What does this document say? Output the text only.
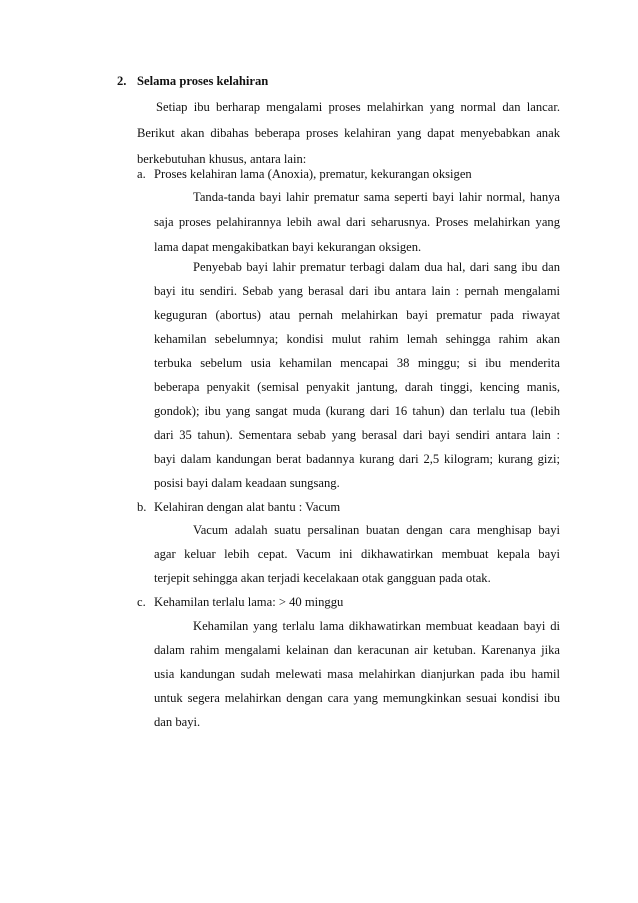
2. Selama proses kelahiran
Setiap ibu berharap mengalami proses melahirkan yang normal dan lancar.
Berikut akan dibahas beberapa proses kelahiran yang dapat menyebabkan anak
berkebutuhan khusus, antara lain:
a. Proses kelahiran lama (Anoxia), prematur, kekurangan oksigen
Tanda-tanda bayi lahir prematur sama seperti bayi lahir normal, hanya
saja proses pelahirannya lebih awal dari seharusnya. Proses melahirkan yang
lama dapat mengakibatkan bayi kekurangan oksigen.
Penyebab bayi lahir prematur terbagi dalam dua hal, dari sang ibu dan
bayi itu sendiri. Sebab yang berasal dari ibu antara lain : pernah mengalami
keguguran (abortus) atau pernah melahirkan bayi prematur pada riwayat
kehamilan sebelumnya; kondisi mulut rahim lemah sehingga rahim akan
terbuka sebelum usia kehamilan mencapai 38 minggu; si ibu menderita
beberapa penyakit (semisal penyakit jantung, darah tinggi, kencing manis,
gondok); ibu yang sangat muda (kurang dari 16 tahun) dan terlalu tua (lebih
dari 35 tahun). Sementara sebab yang berasal dari bayi sendiri antara lain :
bayi dalam kandungan berat badannya kurang dari 2,5 kilogram; kurang gizi;
posisi bayi dalam keadaan sungsang.
b. Kelahiran dengan alat bantu : Vacum
Vacum adalah suatu persalinan buatan dengan cara menghisap bayi
agar keluar lebih cepat. Vacum ini dikhawatirkan membuat kepala bayi
terjepit sehingga akan terjadi kecelakaan otak gangguan pada otak.
c. Kehamilan terlalu lama: > 40 minggu
Kehamilan yang terlalu lama dikhawatirkan membuat keadaan bayi di
dalam rahim mengalami kelainan dan keracunan air ketuban. Karenanya jika
usia kandungan sudah melewati masa melahirkan dianjurkan pada ibu hamil
untuk segera melahirkan dengan cara yang memungkinkan sesuai kondisi ibu
dan bayi.
